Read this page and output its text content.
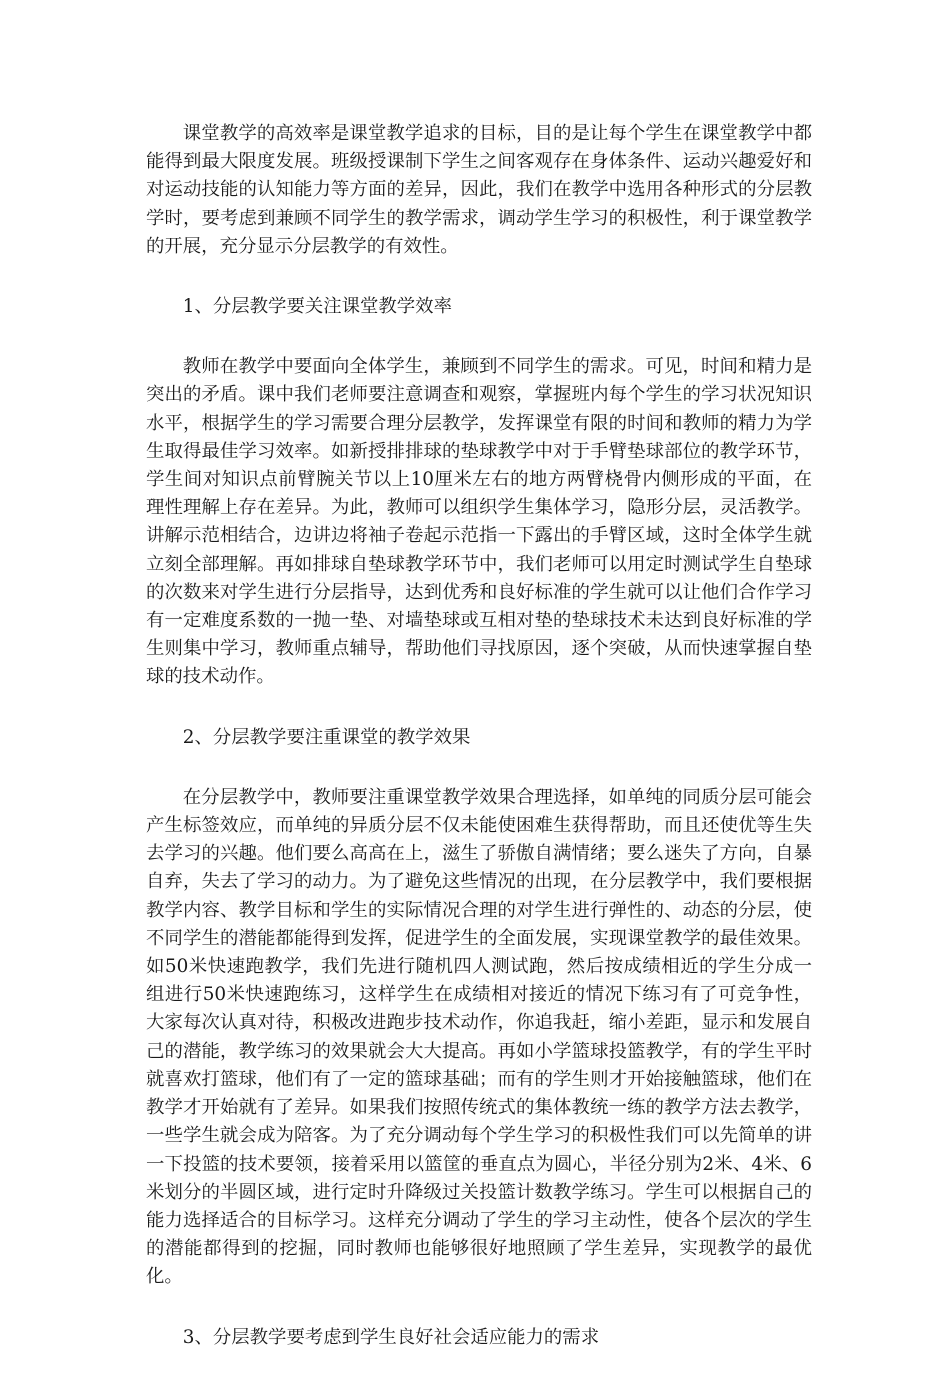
课堂教学的高效率是课堂教学追求的目标，目的是让每个学生在课堂教学中都能得到最大限度发展。班级授课制下学生之间客观存在身体条件、运动兴趣爱好和对运动技能的认知能力等方面的差异，因此，我们在教学中选用各种形式的分层教学时，要考虑到兼顾不同学生的教学需求，调动学生学习的积极性，利于课堂教学的开展，充分显示分层教学的有效性。

1、分层教学要关注课堂教学效率

教师在教学中要面向全体学生，兼顾到不同学生的需求。可见，时间和精力是突出的矛盾。课中我们老师要注意调查和观察，掌握班内每个学生的学习状况知识水平，根据学生的学习需要合理分层教学，发挥课堂有限的时间和教师的精力为学生取得最佳学习效率。如新授排排球的垫球教学中对于手臂垫球部位的教学环节，学生间对知识点前臂腕关节以上10厘米左右的地方两臂桡骨内侧形成的平面，在理性理解上存在差异。为此，教师可以组织学生集体学习，隐形分层，灵活教学。讲解示范相结合，边讲边将袖子卷起示范指一下露出的手臂区域，这时全体学生就立刻全部理解。再如排球自垫球教学环节中，我们老师可以用定时测试学生自垫球的次数来对学生进行分层指导，达到优秀和良好标准的学生就可以让他们合作学习有一定难度系数的一抛一垫、对墙垫球或互相对垫的垫球技术未达到良好标准的学生则集中学习，教师重点辅导，帮助他们寻找原因，逐个突破，从而快速掌握自垫球的技术动作。

2、分层教学要注重课堂的教学效果

在分层教学中，教师要注重课堂教学效果合理选择，如单纯的同质分层可能会产生标签效应，而单纯的异质分层不仅未能使困难生获得帮助，而且还使优等生失去学习的兴趣。他们要么高高在上，滋生了骄傲自满情绪；要么迷失了方向，自暴自弃，失去了学习的动力。为了避免这些情况的出现，在分层教学中，我们要根据教学内容、教学目标和学生的实际情况合理的对学生进行弹性的、动态的分层，使不同学生的潜能都能得到发挥，促进学生的全面发展，实现课堂教学的最佳效果。如50米快速跑教学，我们先进行随机四人测试跑，然后按成绩相近的学生分成一组进行50米快速跑练习，这样学生在成绩相对接近的情况下练习有了可竞争性，大家每次认真对待，积极改进跑步技术动作，你追我赶，缩小差距，显示和发展自己的潜能，教学练习的效果就会大大提高。再如小学篮球投篮教学，有的学生平时就喜欢打篮球，他们有了一定的篮球基础；而有的学生则才开始接触篮球，他们在教学才开始就有了差异。如果我们按照传统式的集体教统一练的教学方法去教学，一些学生就会成为陪客。为了充分调动每个学生学习的积极性我们可以先简单的讲一下投篮的技术要领，接着采用以篮筐的垂直点为圆心，半径分别为2米、4米、6米划分的半圆区域，进行定时升降级过关投篮计数教学练习。学生可以根据自己的能力选择适合的目标学习。这样充分调动了学生的学习主动性，使各个层次的学生的潜能都得到的挖掘，同时教师也能够很好地照顾了学生差异，实现教学的最优化。

3、分层教学要考虑到学生良好社会适应能力的需求
